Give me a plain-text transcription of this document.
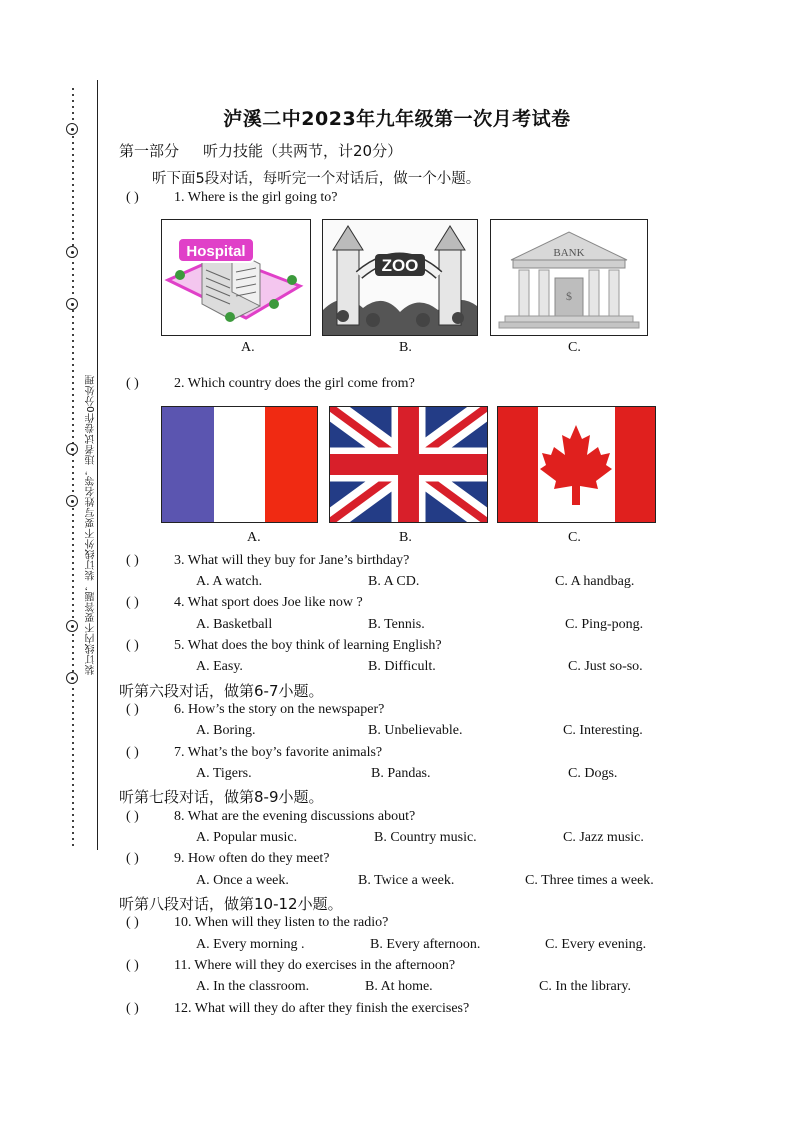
装订线内不要答题，装订线外不要写姓名等，违者试卷作0分处理
泸溪二中2023年九年级第一次月考试卷
第一部分 听力技能（共两节，计20分）
听下面5段对话，每听完一个对话后，做一个小题。
( )	1. Where is the girl going to?
Hospital
ZOO
BANK
$
A.	B.	C.
( )	2. Which country does the girl come from?
A.	B.	C.
( )	3. What will they buy for Jane’s birthday?
A. A watch.	B. A CD.	C. A handbag.
( )	4. What sport does Joe like now ?
A. Basketball	B. Tennis.	C. Ping-pong.
( )	5. What does the boy think of learning English?
A. Easy.	B. Difficult.	C. Just so-so.
听第六段对话，做第6-7小题。
( )	6. How’s the story on the newspaper?
A. Boring.	B. Unbelievable.	C. Interesting.
( )	7. What’s the boy’s favorite animals?
A. Tigers.	B. Pandas.	C. Dogs.
听第七段对话，做第8-9小题。
( )	8. What are the evening discussions about?
A. Popular music.	B. Country music.	C. Jazz music.
( )	9. How often do they meet?
A. Once a week.	B. Twice a week.	C. Three times a week.
听第八段对话，做第10-12小题。
( )	10. When will they listen to the radio?
A. Every morning .	B. Every afternoon.	C. Every evening.
( )	11. Where will they do exercises in the afternoon?
A. In the classroom.	B. At home.	C. In the library.
( )	12. What will they do after they finish the exercises?
